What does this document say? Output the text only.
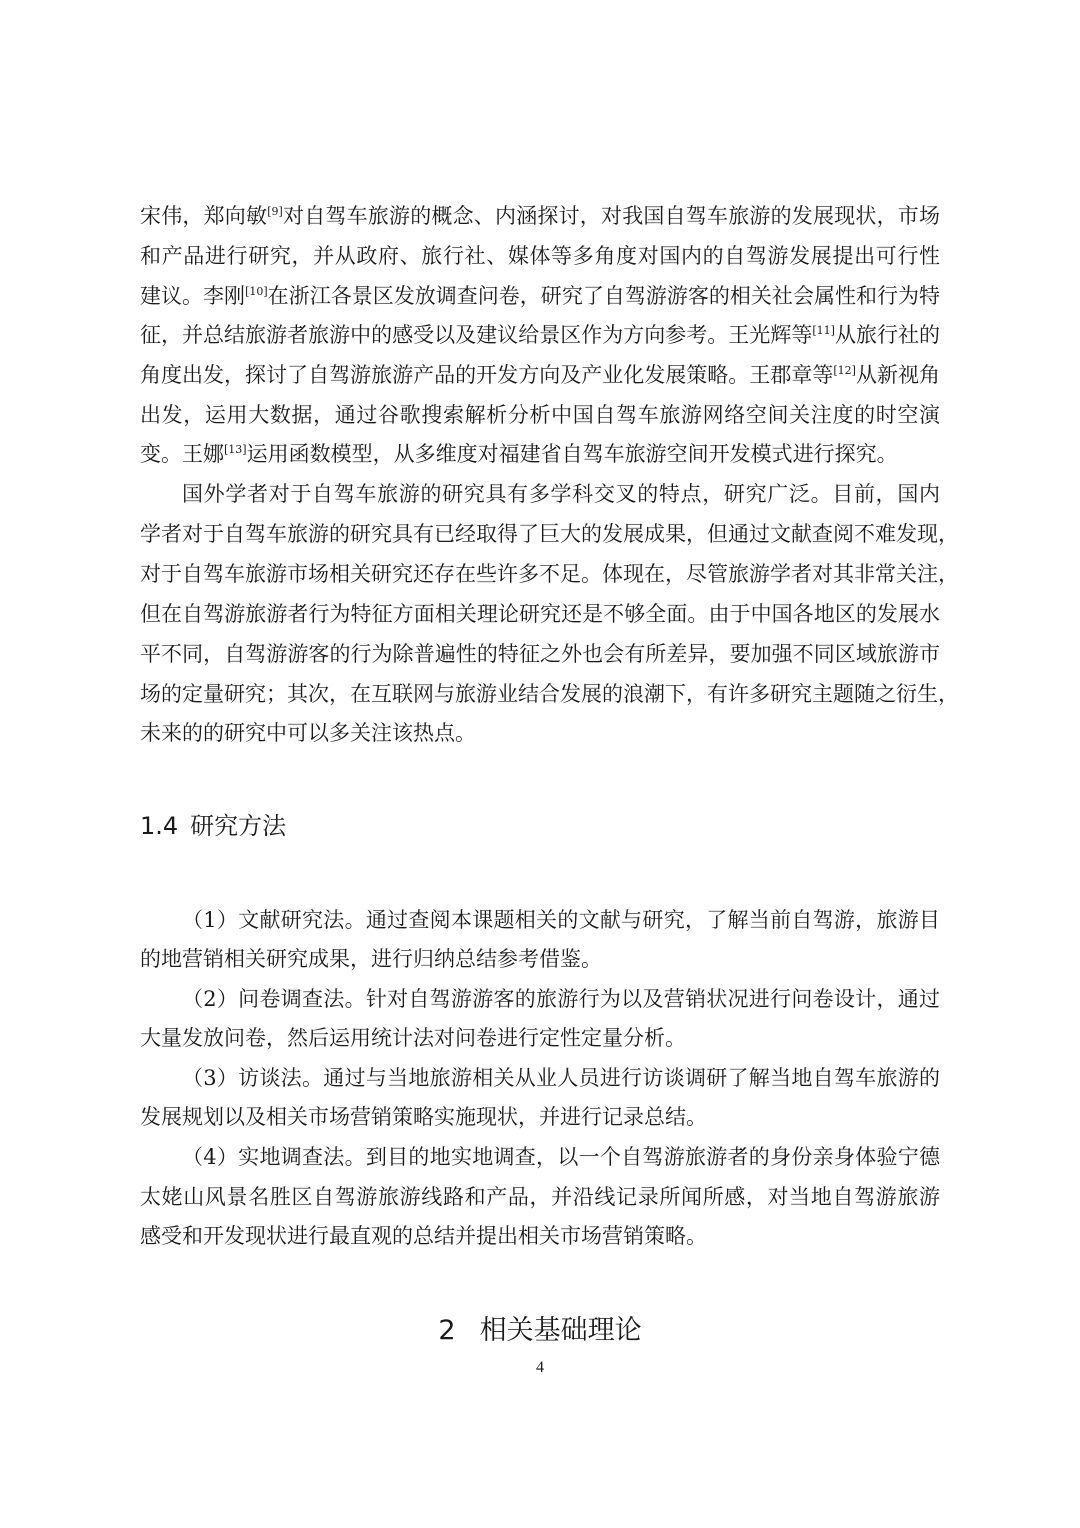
宋伟，郑向敏[9]对自驾车旅游的概念、内涵探讨，对我国自驾车旅游的发展现状，市场
和产品进行研究，并从政府、旅行社、媒体等多角度对国内的自驾游发展提出可行性
建议。李刚[10]在浙江各景区发放调查问卷，研究了自驾游游客的相关社会属性和行为特
征，并总结旅游者旅游中的感受以及建议给景区作为方向参考。王光辉等[11]从旅行社的
角度出发，探讨了自驾游旅游产品的开发方向及产业化发展策略。王郡章等[12]从新视角
出发，运用大数据，通过谷歌搜索解析分析中国自驾车旅游网络空间关注度的时空演
变。王娜[13]运用函数模型，从多维度对福建省自驾车旅游空间开发模式进行探究。
国外学者对于自驾车旅游的研究具有多学科交叉的特点，研究广泛。目前，国内
学者对于自驾车旅游的研究具有已经取得了巨大的发展成果，但通过文献查阅不难发现，
对于自驾车旅游市场相关研究还存在些许多不足。体现在，尽管旅游学者对其非常关注，
但在自驾游旅游者行为特征方面相关理论研究还是不够全面。由于中国各地区的发展水
平不同，自驾游游客的行为除普遍性的特征之外也会有所差异，要加强不同区域旅游市
场的定量研究；其次，在互联网与旅游业结合发展的浪潮下，有许多研究主题随之衍生，
未来的的研究中可以多关注该热点。
1.4 研究方法
（1）文献研究法。通过查阅本课题相关的文献与研究，了解当前自驾游，旅游目
的地营销相关研究成果，进行归纳总结参考借鉴。
（2）问卷调查法。针对自驾游游客的旅游行为以及营销状况进行问卷设计，通过
大量发放问卷，然后运用统计法对问卷进行定性定量分析。
（3）访谈法。通过与当地旅游相关从业人员进行访谈调研了解当地自驾车旅游的
发展规划以及相关市场营销策略实施现状，并进行记录总结。
（4）实地调查法。到目的地实地调查，以一个自驾游旅游者的身份亲身体验宁德
太姥山风景名胜区自驾游旅游线路和产品，并沿线记录所闻所感，对当地自驾游旅游
感受和开发现状进行最直观的总结并提出相关市场营销策略。
2 相关基础理论
4
